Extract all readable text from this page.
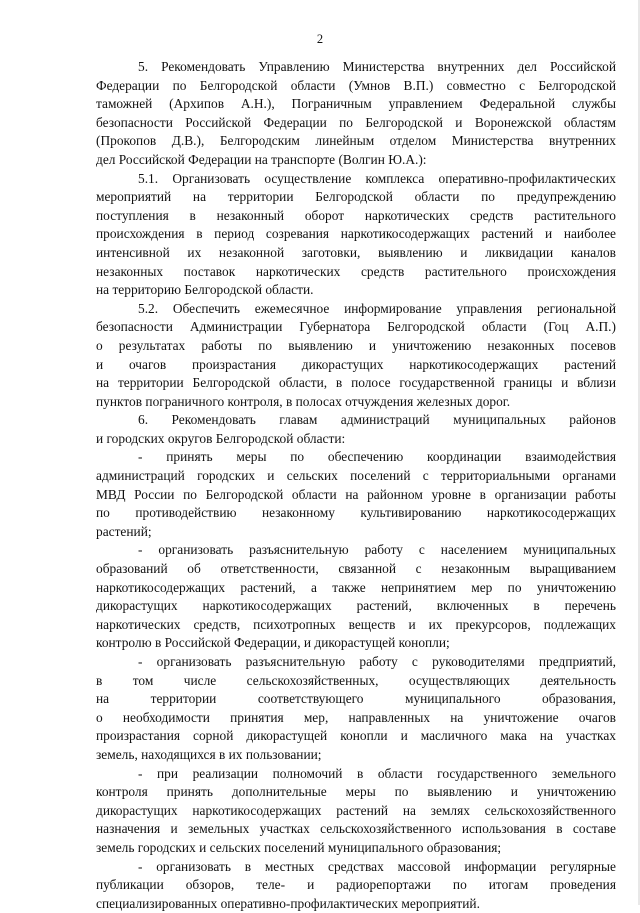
2
5. Рекомендовать Управлению Министерства внутренних дел Российской
Федерации по Белгородской области (Умнов В.П.) совместно с Белгородской
таможней (Архипов А.Н.), Пограничным управлением Федеральной службы
безопасности Российской Федерации по Белгородской и Воронежской областям
(Прокопов Д.В.), Белгородским линейным отделом Министерства внутренних
дел Российской Федерации на транспорте (Волгин Ю.А.):
5.1. Организовать осуществление комплекса оперативно-профилактических
мероприятий на территории Белгородской области по предупреждению
поступления в незаконный оборот наркотических средств растительного
происхождения в период созревания наркотикосодержащих растений и наиболее
интенсивной их незаконной заготовки, выявлению и ликвидации каналов
незаконных поставок наркотических средств растительного происхождения
на территорию Белгородской области.
5.2. Обеспечить ежемесячное информирование управления региональной
безопасности Администрации Губернатора Белгородской области (Гоц А.П.)
о результатах работы по выявлению и уничтожению незаконных посевов
и очагов произрастания дикорастущих наркотикосодержащих растений
на территории Белгородской области, в полосе государственной границы и вблизи
пунктов пограничного контроля, в полосах отчуждения железных дорог.
6. Рекомендовать главам администраций муниципальных районов
и городских округов Белгородской области:
- принять меры по обеспечению координации взаимодействия
администраций городских и сельских поселений с территориальными органами
МВД России по Белгородской области на районном уровне в организации работы
по противодействию незаконному культивированию наркотикосодержащих
растений;
- организовать разъяснительную работу с населением муниципальных
образований об ответственности, связанной с незаконным выращиванием
наркотикосодержащих растений, а также непринятием мер по уничтожению
дикорастущих наркотикосодержащих растений, включенных в перечень
наркотических средств, психотропных веществ и их прекурсоров, подлежащих
контролю в Российской Федерации, и дикорастущей конопли;
- организовать разъяснительную работу с руководителями предприятий,
в том числе сельскохозяйственных, осуществляющих деятельность
на территории соответствующего муниципального образования,
о необходимости принятия мер, направленных на уничтожение очагов
произрастания сорной дикорастущей конопли и масличного мака на участках
земель, находящихся в их пользовании;
- при реализации полномочий в области государственного земельного
контроля принять дополнительные меры по выявлению и уничтожению
дикорастущих наркотикосодержащих растений на землях сельскохозяйственного
назначения и земельных участках сельскохозяйственного использования в составе
земель городских и сельских поселений муниципального образования;
- организовать в местных средствах массовой информации регулярные
публикации обзоров, теле- и радиорепортажи по итогам проведения
специализированных оперативно-профилактических мероприятий.
